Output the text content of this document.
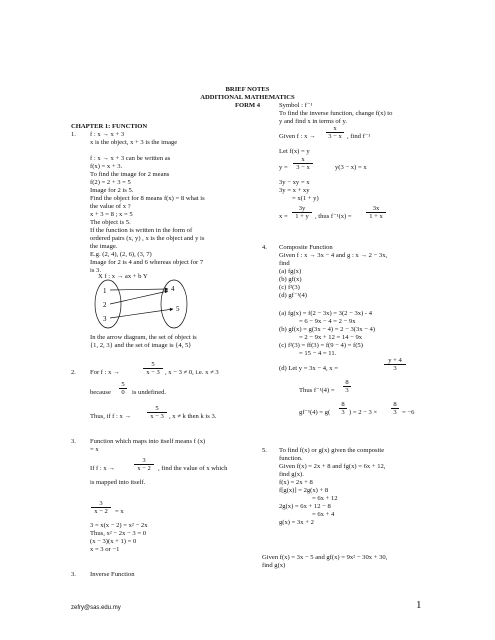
BRIEF NOTES
ADDITIONAL MATHEMATICS
FORM 4
CHAPTER 1: FUNCTION
1. f : x → x + 3
x is the object, x + 3 is the image
f : x → x + 3 can be written as
f(x) = x + 3.
To find the image for 2 means
f(2) = 2 + 3 = 5
Image for 2 is 5.
Find the object for 8 means f(x) = 8 what is
the value of x ?
x + 3 = 8 ; x = 5
The object is 5.
If the function is written in the form of
ordered pairs (x, y) , x is the object and y is
the image.
E.g. (2, 4), (2, 6), (3, 7)
Image for 2 is 4 and 6 whereas object for 7
is 3.
X f : x → ax + b Y
1
2
3
4
5
In the arrow diagram, the set of object is
{1, 2, 3} and the set of image is {4, 5}
2. For f : x →
5
x − 3 , x − 3 ≠ 0, i.e. x ≠ 3
because
5
0	is undefined.
Thus, if f : x →
5
x − 3 , x ≠ k then k is 3.
3. Function which maps into itself means f (x)
= x
If f : x →
3
x − 2	, find the value of x which
is mapped into itself.
3
x − 2	= x
3 = x(x − 2) = x² − 2x
Thus, x² − 2x − 3 = 0
(x − 3)(x + 1) = 0
x = 3 or −1
3. Inverse Function
Symbol : f⁻¹
To find the inverse function, change f(x) to
y and find x in terms of y.
Given f : x →
x
3 − x , find f⁻¹
Let f(x) = y
y =
x
3 − x	y(3 − x) = x
3y − xy = x
3y = x + xy
= x(1 + y)
x =
3y
1 + y , thus f⁻¹(x) =
3x
1 + x
4. Composite Function
Given f : x → 3x − 4 and g : x → 2 − 3x,
find
(a) fg(x)
(b) gf(x)
(c) f²(3)
(d) gf⁻¹(4)
(a) fg(x) = f(2 − 3x) = 3(2 − 3x) - 4
= 6 − 9x − 4 = 2 − 9x
(b) gf(x) = g(3x − 4) = 2 − 3(3x − 4)
= 2 − 9x + 12 = 14 − 9x
(c) f²(3) = ff(3) = f(9 − 4) = f(5)
= 15 − 4 = 11.
(d) Let y = 3x − 4, x =
y + 4
3
Thus f⁻¹(4) =
8
3
gf⁻¹(4) = g(
8
3 ) = 2 − 3 ×
8
3 = −6
5. To find f(x) or g(x) given the composite
function.
Given f(x) = 2x + 8 and fg(x) = 6x + 12,
find g(x).
f(x) = 2x + 8
f[g(x)] = 2g(x) + 8
= 6x + 12
2g(x) = 6x + 12 − 8
= 6x + 4
g(x) = 3x + 2
Given f(x) = 3x − 5 and gf(x) = 9x² − 30x + 30,
find g(x)
zefry@sas.edu.my	1
